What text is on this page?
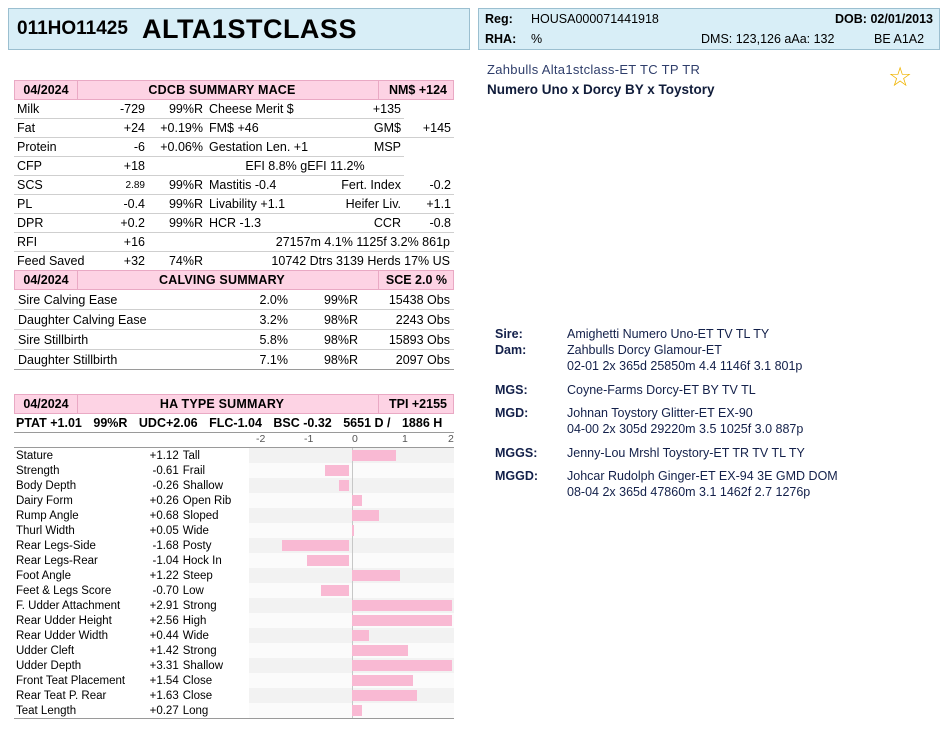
011HO11425 ALTA1STCLASS	Reg: HOUSA000071441918	DOB: 02/01/2013
RHA: %	DMS: 123,126 aAa: 132	BE A1A2
Zahbulls Alta1stclass-ET TC TP TR
Numero Uno x Dorcy BY x Toystory	☆
Sire:	Amighetti Numero Uno-ET TV TL TY
Dam:	Zahbulls Dorcy Glamour-ET
02-01 2x 365d 25850m 4.4 1146f 3.1 801p
MGS:	Coyne-Farms Dorcy-ET BY TV TL
MGD:	Johnan Toystory Glitter-ET EX-90
04-00 2x 305d 29220m 3.5 1025f 3.0 887p
MGGS:	Jenny-Lou Mrshl Toystory-ET TR TV TL TY
MGGD:	Johcar Rudolph Ginger-ET EX-94 3E GMD DOM
08-04 2x 365d 47860m 3.1 1462f 2.7 1276p
04/2024	CDCB SUMMARY MACE	NM$ +124
Milk	-729	99%R	Cheese Merit $	+135	
Fat	+24	+0.19%	FM$ +46	GM$	+145
Protein	-6	+0.06%	Gestation Len. +1	MSP	
CFP	+18		EFI 8.8% gEFI 11.2%		
SCS	2.89	99%R	Mastitis -0.4	Fert. Index	-0.2
PL	-0.4	99%R	Livability +1.1	Heifer Liv.	+1.1
DPR	+0.2	99%R	HCR -1.3	CCR	-0.8
RFI	+16		27157m 4.1% 1125f 3.2% 861p		
Feed Saved	+32	74%R	10742 Dtrs 3139 Herds 17% US		
04/2024	CALVING SUMMARY	SCE 2.0 %
Sire Calving Ease	2.0%	99%R	15438 Obs
Daughter Calving Ease	3.2%	98%R	2243 Obs
Sire Stillbirth	5.8%	98%R	15893 Obs
Daughter Stillbirth	7.1%	98%R	2097 Obs
04/2024	HA TYPE SUMMARY	TPI +2155
PTAT +1.01 99%R UDC+2.06 FLC-1.04 BSC -0.32 5651 D / 1886 H
-2	-1	0	1	2
Stature	+1.12	Tall	

Strength	-0.61	Frail	

Body Depth	-0.26	Shallow	

Dairy Form	+0.26	Open Rib	

Rump Angle	+0.68	Sloped	

Thurl Width	+0.05	Wide	

Rear Legs-Side	-1.68	Posty	

Rear Legs-Rear	-1.04	Hock In	

Foot Angle	+1.22	Steep	

Feet & Legs Score	-0.70	Low	

F. Udder Attachment	+2.91	Strong	

Rear Udder Height	+2.56	High	

Rear Udder Width	+0.44	Wide	

Udder Cleft	+1.42	Strong	

Udder Depth	+3.31	Shallow	

Front Teat Placement	+1.54	Close	

Rear Teat P. Rear	+1.63	Close	

Teat Length	+0.27	Long	
